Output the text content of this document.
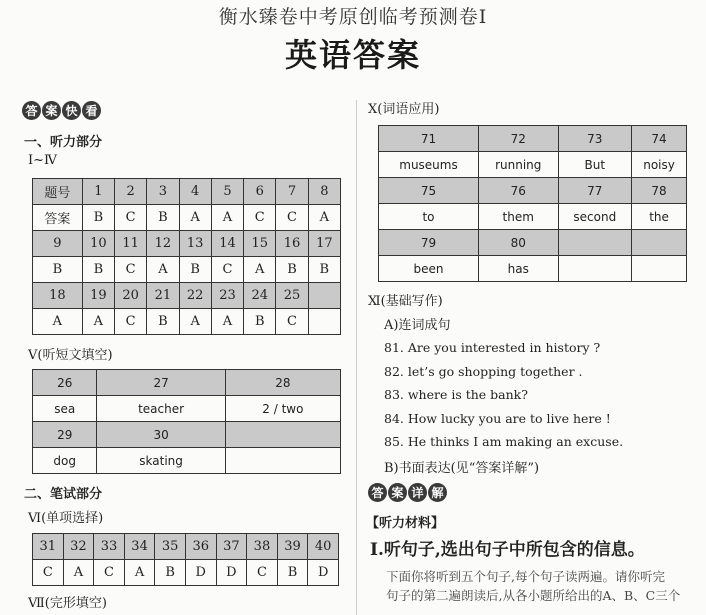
衡水臻卷中考原创临考预测卷Ⅰ
英语答案
答 案 快 看
一、听力部分
Ⅰ~Ⅳ
题号	1	2	3	4	5	6	7	8
答案	B	C	B	A	A	C	C	A
9	10	11	12	13	14	15	16	17
B	B	C	A	B	C	A	B	B
18	19	20	21	22	23	24	25	
A	A	C	B	A	A	B	C	
Ⅴ(听短文填空)
26	27	28
sea	teacher	2 / two
29	30	
dog	skating	
二、笔试部分
Ⅵ(单项选择)
31	32	33	34	35	36	37	38	39	40
C	A	C	A	B	D	D	C	B	D
Ⅶ(完形填空)
Ⅹ(词语应用)
71	72	73	74
museums	running	But	noisy
75	76	77	78
to	them	second	the
79	80		
been	has		
Ⅺ(基础写作)
A)连词成句
81. Are you interested in history ?
82. let’s go shopping together .
83. where is the bank?
84. How lucky you are to live here !
85. He thinks I am making an excuse.
B)书面表达(见“答案详解”)
答 案 详 解
【听力材料】
Ⅰ.听句子,选出句子中所包含的信息。
下面你将听到五个句子,每个句子读两遍。请你听完
句子的第二遍朗读后,从各小题所给出的A、B、C三个
